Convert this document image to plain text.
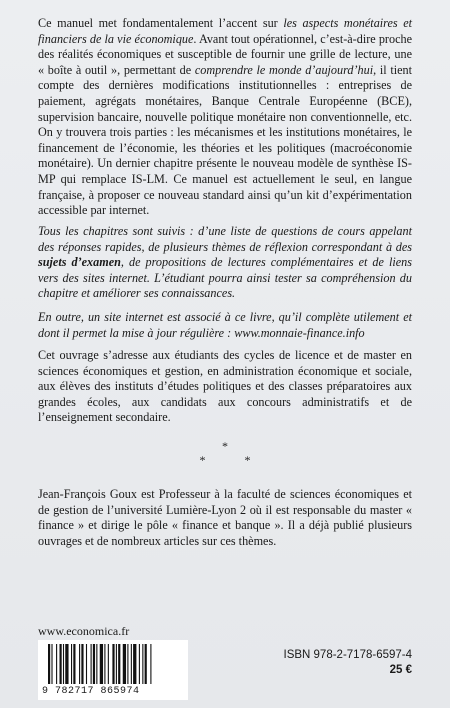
Ce manuel met fondamentalement l’accent sur les aspects monétaires et financiers de la vie économique. Avant tout opérationnel, c’est-à-dire proche des réalités économiques et susceptible de fournir une grille de lecture, une « boîte à outil », permettant de comprendre le monde d’aujourd’hui, il tient compte des dernières modifications institutionnelles : entreprises de paiement, agrégats monétaires, Banque Centrale Européenne (BCE), supervision bancaire, nouvelle politique monétaire non conventionnelle, etc. On y trouvera trois parties : les mécanismes et les institutions monétaires, le financement de l’économie, les théories et les politiques (macroéconomie monétaire). Un dernier chapitre présente le nouveau modèle de synthèse IS-MP qui remplace IS-LM. Ce manuel est actuellement le seul, en langue française, à proposer ce nouveau standard ainsi qu’un kit d’expérimentation accessible par internet.
Tous les chapitres sont suivis : d’une liste de questions de cours appelant des réponses rapides, de plusieurs thèmes de réflexion correspondant à des sujets d’examen, de propositions de lectures complémentaires et de liens vers des sites internet. L’étudiant pourra ainsi tester sa compréhension du chapitre et améliorer ses connaissances.
En outre, un site internet est associé à ce livre, qu’il complète utilement et dont il permet la mise à jour régulière : www.monnaie-finance.info
Cet ouvrage s’adresse aux étudiants des cycles de licence et de master en sciences économiques et gestion, en administration économique et sociale, aux élèves des instituts d’études politiques et des classes préparatoires aux grandes écoles, aux candidats aux concours administratifs et de l’enseignement secondaire.
*
* *
Jean-François Goux est Professeur à la faculté de sciences économiques et de gestion de l’université Lumière-Lyon 2 où il est responsable du master « finance » et dirige le pôle « finance et banque ». Il a déjà publié plusieurs ouvrages et de nombreux articles sur ces thèmes.
www.economica.fr
ISBN 978-2-7178-6597-4
25 €
9 782717 865974
